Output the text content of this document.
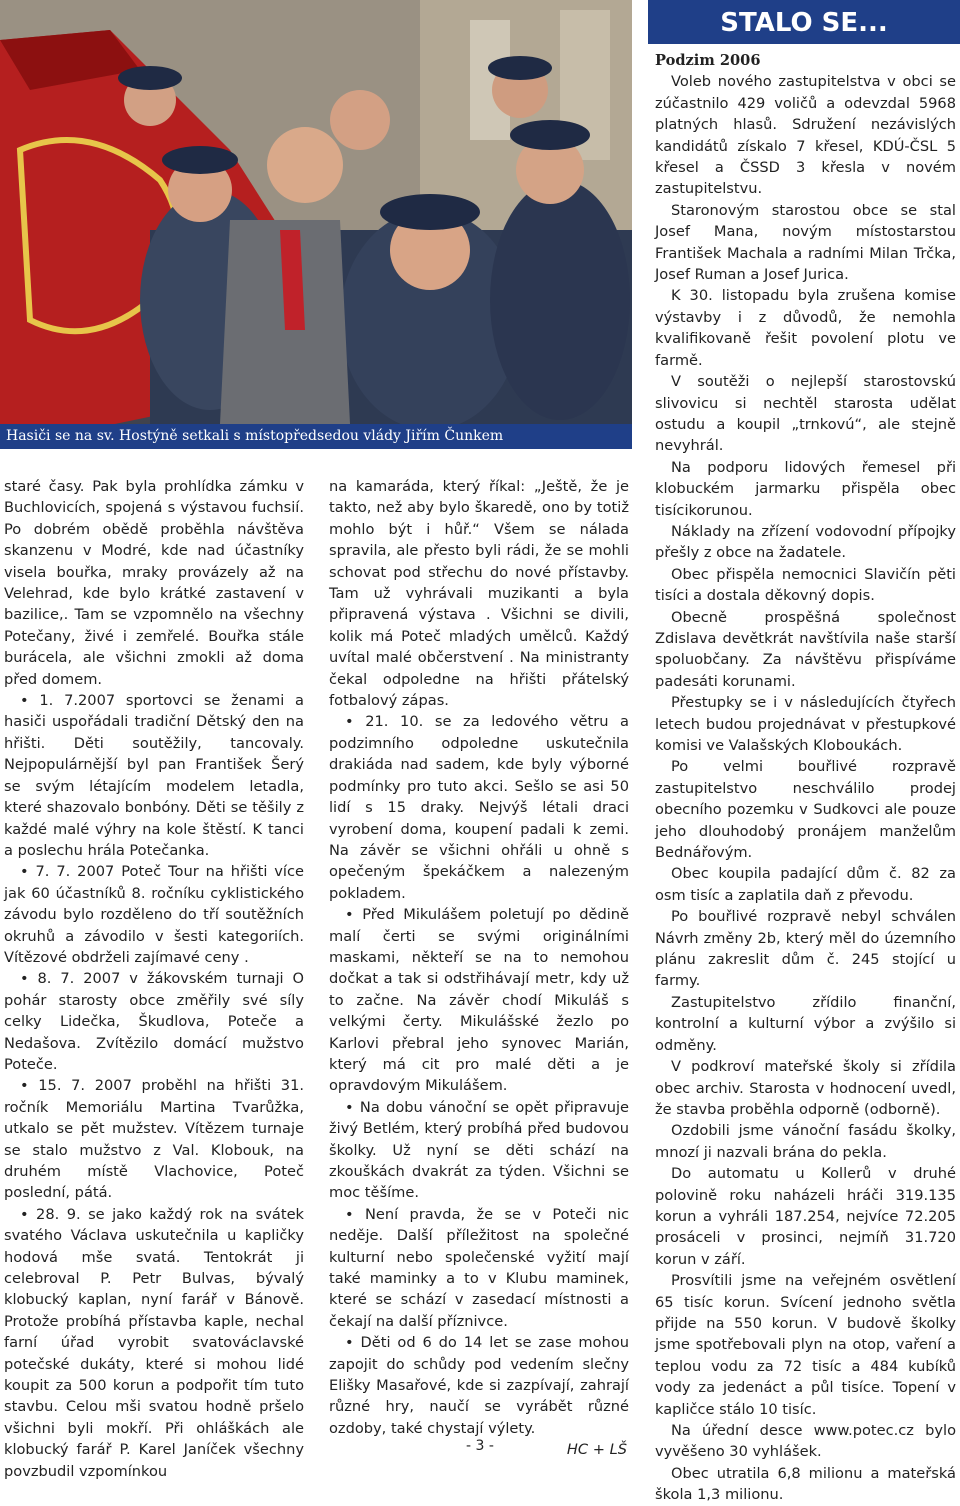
Hasiči se na sv. Hostýně setkali s místopředsedou vlády Jiřím Čunkem

staré časy. Pak byla prohlídka zámku v Buchlovicích, spojená s výstavou fuchsií. Po dobrém obědě proběhla návštěva skanzenu v Modré, kde nad účastníky visela bouřka, mraky provázely až na Velehrad, kde bylo krátké zastavení v bazilice,. Tam se vzpomnělo na všechny Potečany, živé i zemřelé. Bouřka stále burácela, ale všichni zmokli až doma před domem.

• 1. 7.2007 sportovci se ženami a hasiči uspořádali tradiční Dětský den na hřišti. Děti soutěžily, tancovaly. Nejpopulárnější byl pan František Šerý se svým létajícím modelem letadla, které shazovalo bonbóny. Děti se těšily z každé malé výhry na kole štěstí. K tanci a poslechu hrála Potečanka.

• 7. 7. 2007 Poteč Tour na hřišti více jak 60 účastníků 8. ročníku cyklistického závodu bylo rozděleno do tří soutěžních okruhů a závodilo v šesti kategoriích. Vítězové obdrželi zajímavé ceny .

• 8. 7. 2007 v žákovském turnaji O pohár starosty obce změřily své síly celky Lidečka, Škudlova, Poteče a Nedašova. Zvítězilo domácí mužstvo Poteče.

• 15. 7. 2007 proběhl na hřišti 31. ročník Memoriálu Martina Tvarůžka, utkalo se pět mužstev. Vítězem turnaje se stalo mužstvo z Val. Klobouk, na druhém místě Vlachovice, Poteč poslední, pátá.

• 28. 9. se jako každý rok na svátek svatého Václava uskutečnila u kapličky hodová mše svatá. Tentokrát ji celebroval P. Petr Bulvas, bývalý klobucký kaplan, nyní farář v Bánově. Protože probíhá přístavba kaple, nechal farní úřad vyrobit svatováclavské potečské dukáty, které si mohou lidé koupit za 500 korun a podpořit tím tuto stavbu. Celou mši svatou hodně pršelo všichni byli mokří. Při ohláškách ale klobucký farář P. Karel Janíček všechny povzbudil vzpomínkou

na kamaráda, který říkal: „Ještě, že je takto, než aby bylo škaredě, ono by totiž mohlo být i hůř.“ Všem se nálada spravila, ale přesto byli rádi, že se mohli schovat pod střechu do nové přístavby. Tam už vyhrávali muzikanti a byla připravená výstava . Všichni se divili, kolik má Poteč mladých umělců. Každý uvítal malé občerstvení . Na ministranty čekal odpoledne na hřišti přátelský fotbalový zápas.

• 21. 10. se za ledového větru a podzimního odpoledne uskutečnila drakiáda nad sadem, kde byly výborné podmínky pro tuto akci. Sešlo se asi 50 lidí s 15 draky. Nejvýš létali draci vyrobení doma, koupení padali k zemi. Na závěr se všichni ohřáli u ohně s opečeným špekáčkem a nalezeným pokladem.

• Před Mikulášem poletují po dědině malí čerti se svými originálními maskami, někteří se na to nemohou dočkat a tak si odstřihávají metr, kdy už to začne. Na závěr chodí Mikuláš s velkými čerty. Mikulášské žezlo po Karlovi přebral jeho synovec Marián, který má cit pro malé děti a je opravdovým Mikulášem.

• Na dobu vánoční se opět připravuje živý Betlém, který probíhá před budovou školky. Už nyní se děti schází na zkouškách dvakrát za týden. Všichni se moc těšíme.

• Není pravda, že se v Poteči nic neděje. Další příležitost na společné kulturní nebo společenské vyžití mají také maminky a to v Klubu maminek, které se schází v zasedací místnosti a čekají na další příznivce.

• Děti od 6 do 14 let se zase mohou zapojit do schůdy pod vedením slečny Elišky Masařové, kde si zazpívají, zahrají různé hry, naučí se vyrábět různé ozdoby, také chystají výlety.

HC + LŠ

STALO SE...

Podzim 2006

Voleb nového zastupitelstva v obci se zúčastnilo 429 voličů a odevzdal 5968 platných hlasů. Sdružení nezávislých kandidátů získalo 7 křesel, KDÚ-ČSL 5 křesel a ČSSD 3 křesla v novém zastupitelstvu.

Staronovým starostou obce se stal Josef Mana, novým místostarstou František Machala a radními Milan Trčka, Josef Ruman a Josef Jurica.

K 30. listopadu byla zrušena komise výstavby i z důvodů, že nemohla kvalifikovaně řešit povolení plotu ve farmě.

V soutěži o nejlepší starostovskú slivovicu si nechtěl starosta udělat ostudu a koupil „trnkovú“, ale stejně nevyhrál.

Na podporu lidových řemesel při klobuckém jarmarku přispěla obec tisícikorunou.

Náklady na zřízení vodovodní přípojky přešly z obce na žadatele.

Obec přispěla nemocnici Slavičín pěti tisíci a dostala děkovný dopis.

Obecně prospěšná společnost Zdislava devětkrát navštívila naše starší spoluobčany. Za návštěvu přispíváme padesáti korunami.

Přestupky se i v následujících čtyřech letech budou projednávat v přestupkové komisi ve Valašských Kloboukách.

Po velmi bouřlivé rozpravě zastupitelstvo neschválilo prodej obecního pozemku v Sudkovci ale pouze jeho dlouhodobý pronájem manželům Bednářovým.

Obec koupila padající dům č. 82 za osm tisíc a zaplatila daň z převodu.

Po bouřlivé rozpravě nebyl schválen Návrh změny 2b, který měl do územního plánu zakreslit dům č. 245 stojící u farmy.

Zastupitelstvo zřídilo finanční, kontrolní a kulturní výbor a zvýšilo si odměny.

V podkroví mateřské školy si zřídila obec archiv. Starosta v hodnocení uvedl, že stavba proběhla odporně (odborně).

Ozdobili jsme vánoční fasádu školky, mnozí ji nazvali brána do pekla.

Do automatu u Kollerů v druhé polovině roku naházeli hráči 319.135 korun a vyhráli 187.254, nejvíce 72.205 prosáceli v prosinci, nejmíň 31.720 korun v září.

Prosvítili jsme na veřejném osvětlení 65 tisíc korun. Svícení jednoho světla přijde na 550 korun. V budově školky jsme spotřebovali plyn na otop, vaření a teplou vodu za 72 tisíc a 484 kubíků vody za jedenáct a půl tisíce. Topení v kapličce stálo 10 tisíc.

Na úřední desce www.potec.cz bylo vyvěšeno 30 vyhlášek.

Obec utratila 6,8 milionu a mateřská škola 1,3 milionu.

- 3 -
